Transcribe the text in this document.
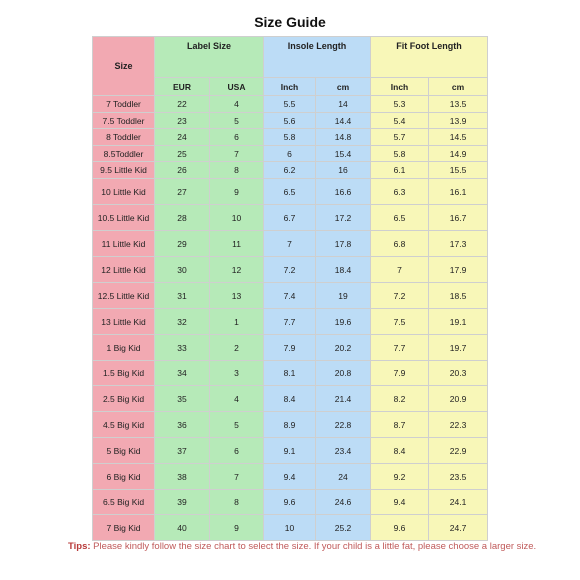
Size Guide
Size	Label Size		Insole Length		Fit Foot Length	
	EUR	USA	Inch	cm	Inch	cm
7 Toddler	22	4	5.5	14	5.3	13.5
7.5 Toddler	23	5	5.6	14.4	5.4	13.9
8 Toddler	24	6	5.8	14.8	5.7	14.5
8.5Toddler	25	7	6	15.4	5.8	14.9
9.5 Little Kid	26	8	6.2	16	6.1	15.5
10 Little Kid	27	9	6.5	16.6	6.3	16.1
10.5 Little Kid	28	10	6.7	17.2	6.5	16.7
11 Little Kid	29	11	7	17.8	6.8	17.3
12 Little Kid	30	12	7.2	18.4	7	17.9
12.5 Little Kid	31	13	7.4	19	7.2	18.5
13 Little Kid	32	1	7.7	19.6	7.5	19.1
1 Big Kid	33	2	7.9	20.2	7.7	19.7
1.5 Big Kid	34	3	8.1	20.8	7.9	20.3
2.5 Big Kid	35	4	8.4	21.4	8.2	20.9
4.5 Big Kid	36	5	8.9	22.8	8.7	22.3
5 Big Kid	37	6	9.1	23.4	8.4	22.9
6 Big Kid	38	7	9.4	24	9.2	23.5
6.5 Big Kid	39	8	9.6	24.6	9.4	24.1
7 Big Kid	40	9	10	25.2	9.6	24.7
Tips: Please kindly follow the size chart to select the size. If your child is a little fat, please choose a larger size.
